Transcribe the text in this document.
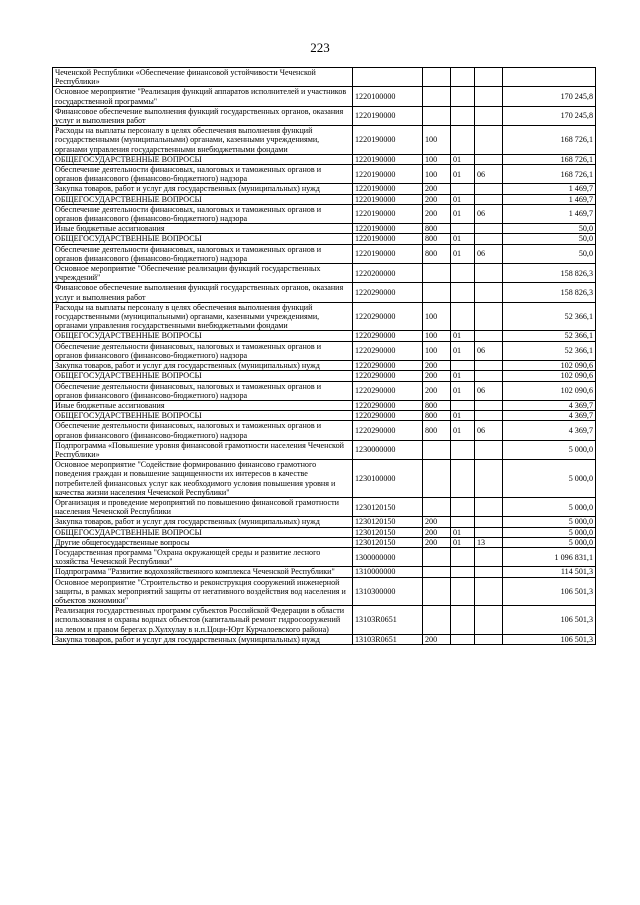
223
Чеченской Республики «Обеспечение финансовой устойчивости Чеченской Республики»					
Основное мероприятие "Реализация функций аппаратов исполнителей и участников государственной программы"	1220100000				170 245,8
Финансовое обеспечение выполнения функций государственных органов, оказания услуг и выполнения работ	1220190000				170 245,8
Расходы на выплаты персоналу в целях обеспечения выполнения функций государственными (муниципальными) органами, казенными учреждениями, органами управления государственными внебюджетными фондами	1220190000	100			168 726,1
ОБЩЕГОСУДАРСТВЕННЫЕ ВОПРОСЫ	1220190000	100	01		168 726,1
Обеспечение деятельности финансовых, налоговых и таможенных органов и органов финансового (финансово-бюджетного) надзора	1220190000	100	01	06	168 726,1
Закупка товаров, работ и услуг для государственных (муниципальных) нужд	1220190000	200			1 469,7
ОБЩЕГОСУДАРСТВЕННЫЕ ВОПРОСЫ	1220190000	200	01		1 469,7
Обеспечение деятельности финансовых, налоговых и таможенных органов и органов финансового (финансово-бюджетного) надзора	1220190000	200	01	06	1 469,7
Иные бюджетные ассигнования	1220190000	800			50,0
ОБЩЕГОСУДАРСТВЕННЫЕ ВОПРОСЫ	1220190000	800	01		50,0
Обеспечение деятельности финансовых, налоговых и таможенных органов и органов финансового (финансово-бюджетного) надзора	1220190000	800	01	06	50,0
Основное мероприятие "Обеспечение реализации функций государственных учреждений"	1220200000				158 826,3
Финансовое обеспечение выполнения функций государственных органов, оказания услуг и выполнения работ	1220290000				158 826,3
Расходы на выплаты персоналу в целях обеспечения выполнения функций государственными (муниципальными) органами, казенными учреждениями, органами управления государственными внебюджетными фондами	1220290000	100			52 366,1
ОБЩЕГОСУДАРСТВЕННЫЕ ВОПРОСЫ	1220290000	100	01		52 366,1
Обеспечение деятельности финансовых, налоговых и таможенных органов и органов финансового (финансово-бюджетного) надзора	1220290000	100	01	06	52 366,1
Закупка товаров, работ и услуг для государственных (муниципальных) нужд	1220290000	200			102 090,6
ОБЩЕГОСУДАРСТВЕННЫЕ ВОПРОСЫ	1220290000	200	01		102 090,6
Обеспечение деятельности финансовых, налоговых и таможенных органов и органов финансового (финансово-бюджетного) надзора	1220290000	200	01	06	102 090,6
Иные бюджетные ассигнования	1220290000	800			4 369,7
ОБЩЕГОСУДАРСТВЕННЫЕ ВОПРОСЫ	1220290000	800	01		4 369,7
Обеспечение деятельности финансовых, налоговых и таможенных органов и органов финансового (финансово-бюджетного) надзора	1220290000	800	01	06	4 369,7
Подпрограмма «Повышение уровня финансовой грамотности населения Чеченской Республики»	1230000000				5 000,0
Основное мероприятие "Содействие формированию финансово грамотного поведения граждан и повышение защищенности их интересов в качестве потребителей финансовых услуг как необходимого условия повышения уровня и качества жизни населения Чеченской Республики"	1230100000				5 000,0
Организация и проведение мероприятий по повышению финансовой грамотности населения Чеченской Республики	1230120150				5 000,0
Закупка товаров, работ и услуг для государственных (муниципальных) нужд	1230120150	200			5 000,0
ОБЩЕГОСУДАРСТВЕННЫЕ ВОПРОСЫ	1230120150	200	01		5 000,0
Другие общегосударственные вопросы	1230120150	200	01	13	5 000,0
Государственная программа "Охрана окружающей среды и развитие лесного хозяйства Чеченской Республики"	1300000000				1 096 831,1
Подпрограмма "Развитие водохозяйственного комплекса Чеченской Республики"	1310000000				114 501,3
Основное мероприятие "Строительство и реконструкция сооружений инженерной защиты, в рамках мероприятий защиты от негативного воздействия вод населения и объектов экономики"	1310300000				106 501,3
Реализация государственных программ субъектов Российской Федерации в области использования и охраны водных объектов (капитальный ремонт гидросооружений на левом и правом берегах р.Хулхулау в н.п.Цоци-Юрт Курчалоевского района)	13103R0651				106 501,3
Закупка товаров, работ и услуг для государственных (муниципальных) нужд	13103R0651	200			106 501,3
